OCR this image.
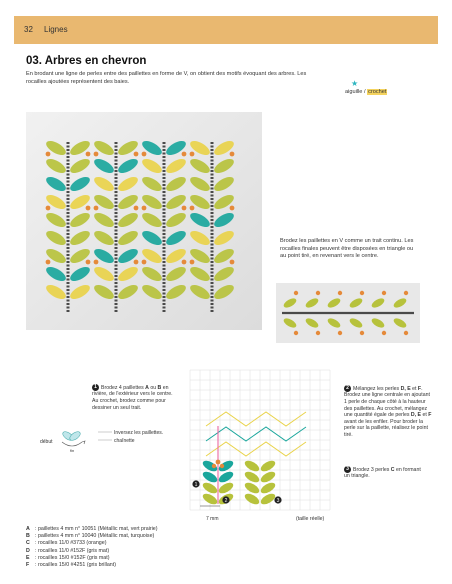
32 Lignes
03. Arbres en chevron
En brodant une ligne de perles entre des paillettes en forme de V, on obtient des motifs évoquant des arbres. Les rocailles ajoutées représentent des baies.	★
aiguille / crochet
Brodez les paillettes en V comme un trait continu. Les rocailles finales peuvent être disposées en triangle ou au point tiré, en revenant vers le centre.
1 Brodez 4 paillettes A ou B en rivière, de l'extérieur vers le centre. Au crochet, brodez comme pour dessiner un seul trait.
début
fin
Inversez les paillettes.
chaînette
1
2	3
7 mm	(taille réelle)
2 Mélangez les perles D, E et F. Brodez une ligne centrale en ajoutant 1 perle de chaque côté à la hauteur des paillettes. Au crochet, mélangez une quantité égale de perles D, E et F avant de les enfiler. Pour broder la perle sur la paillette, réalisez le point tiré.
3 Brodez 3 perles C en formant un triangle.
A : paillettes 4 mm n° 10051 (Métallic mat, vert prairie)
B : paillettes 4 mm n° 10040 (Métallic mat, turquoise)
C : rocailles 11/0 #3733 (orange)
D : rocailles 11/0 #152F (gris mat)
E : rocailles 15/0 #152F (gris mat)
F : rocailles 15/0 #4251 (gris brillant)
